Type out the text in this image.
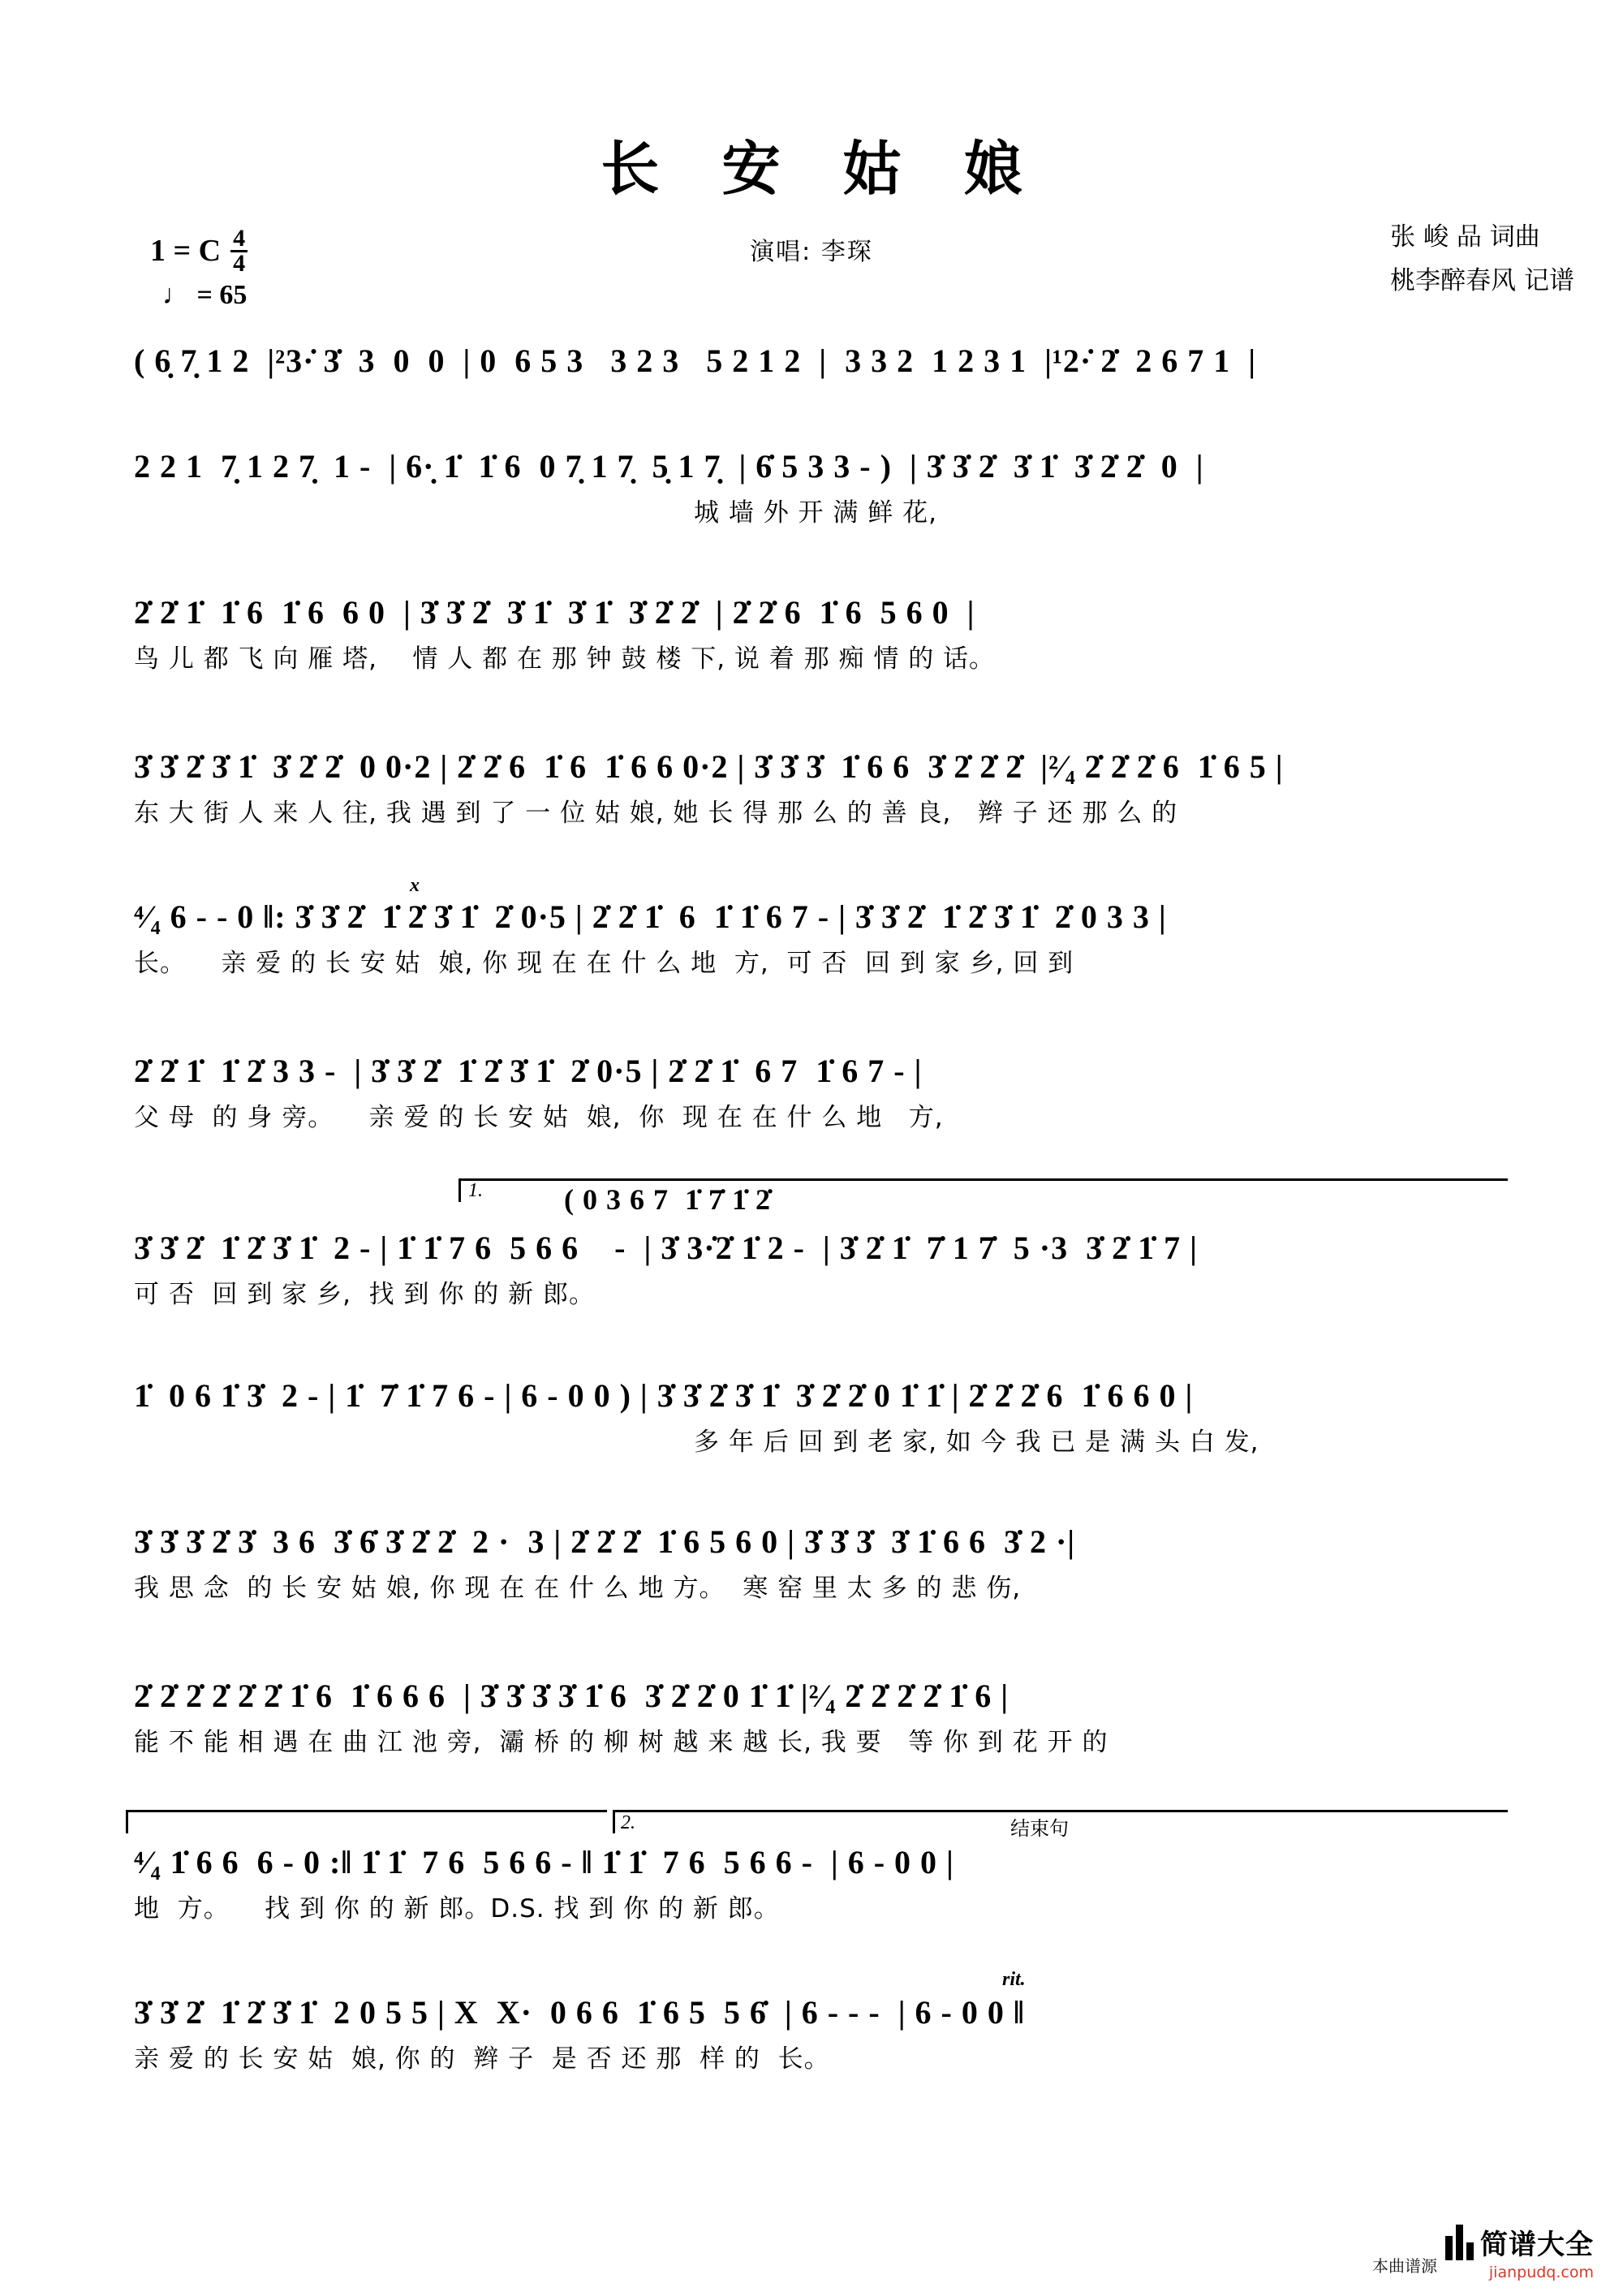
长 安 姑 娘
演唱: 李琛
张 峻 品 词曲
桃李醉春风 记谱
1 = C $\frac{4}{4}$
♩ = 65
( 6̣ 7̣ 1 2  |²3·̇ 3̇  3  0  0  | 0  6 5 3   3 2 3   5 2 1 2  |  3 3 2  1 2 3 1  |¹2·̇ 2̇  2 6 7 1  |
2 2 1  7̣ 1 2 7̣  1 -  | 6·̣ 1̇  1̇ 6  0 7̣ 1 7̣  5̣ 1 7̣  | 6̇ 5 3 3 - )  | 3̇ 3̇ 2̇  3̇ 1̇  3̇ 2̇ 2̇  0  |
城 墙 外 开 满 鲜 花,
2̇ 2̇ 1̇  1̇ 6  1̇ 6  6 0  | 3̇ 3̇ 2̇  3̇ 1̇  3̇ 1̇  3̇ 2̇ 2̇  | 2̇ 2̇ 6  1̇ 6  5 6 0  |
鸟 儿 都 飞 向 雁 塔,    情 人 都 在 那 钟 鼓 楼 下, 说 着 那 痴 情 的 话。
3̇ 3̇ 2̇ 3̇ 1̇  3̇ 2̇ 2̇  0 0·2 | 2̇ 2̇ 6  1̇ 6  1̇ 6 6 0·2 | 3̇ 3̇ 3̇  1̇ 6 6  3̇ 2̇ 2̇ 2̇  |²⁄₄ 2̇ 2̇ 2̇ 6  1̇ 6 5 |
东 大 街 人 来 人 往, 我 遇 到 了 一 位 姑 娘, 她 长 得 那 么 的 善 良,   辫 子 还 那 么 的
x
⁴⁄₄ 6 - - 0 ‖: 3̇ 3̇ 2̇  1̇ 2̇ 3̇ 1̇  2̇ 0·5 | 2̇ 2̇ 1̇  6  1̇ 1̇ 6 7 - | 3̇ 3̇ 2̇  1̇ 2̇ 3̇ 1̇  2̇ 0 3 3 |
长。    亲 爱 的 长 安 姑  娘, 你 现 在 在 什 么 地  方,  可 否  回 到 家 乡, 回 到
2̇ 2̇ 1̇  1̇ 2̇ 3 3 -  | 3̇ 3̇ 2̇  1̇ 2̇ 3̇ 1̇  2̇ 0·5 | 2̇ 2̇ 1̇  6 7  1̇ 6 7 - |
父 母  的 身 旁。    亲 爱 的 长 安 姑  娘,  你  现 在 在 什 么 地   方,
1.	( 0 3 6 7  1̇ 7̇ 1̇ 2̇
3̇ 3̇ 2̇  1̇ 2̇ 3̇ 1̇  2 - | 1̇ 1̇ 7 6  5 6 6    -  | 3̇ 3·̇2̇ 1̇ 2 -  | 3̇ 2̇ 1̇  7̇ 1 7̇  5 ·3  3̇ 2̇ 1̇ 7 |
可 否  回 到 家 乡,  找 到 你 的 新 郎。
1̇  0 6 1̇ 3̇  2 - | 1̇  7̇ 1̇ 7 6 - | 6 - 0 0 ) | 3̇ 3̇ 2̇ 3̇ 1̇  3̇ 2̇ 2̇ 0 1̇ 1̇ | 2̇ 2̇ 2̇ 6  1̇ 6 6 0 |
多 年 后 回 到 老 家, 如 今 我 已 是 满 头 白 发,
3̇ 3̇ 3̇ 2̇ 3̇  3 6  3̇ 6̇ 3̇ 2̇ 2̇  2 ·  3 | 2̇ 2̇ 2̇  1̇ 6 5 6 0 | 3̇ 3̇ 3̇  3̇ 1̇ 6 6  3̇ 2 ·|
我 思 念  的 长 安 姑 娘, 你 现 在 在 什 么 地 方。  寒 窑 里 太 多 的 悲 伤,
2̇ 2̇ 2̇ 2̇ 2̇ 2̇ 1̇ 6  1̇ 6 6 6  | 3̇ 3̇ 3̇ 3̇ 1̇ 6  3̇ 2̇ 2̇ 0 1̇ 1̇ |²⁄₄ 2̇ 2̇ 2̇ 2̇ 1̇ 6 |
能 不 能 相 遇 在 曲 江 池 旁,  灞 桥 的 柳 树 越 来 越 长, 我 要   等 你 到 花 开 的
2.	结束句
⁴⁄₄ 1̇ 6 6  6 - 0 :‖ 1̇ 1̇  7 6  5 6 6 - ‖ 1̇ 1̇  7 6  5 6 6 -  | 6 - 0 0 |
地  方。    找 到 你 的 新 郎。D.S. 找 到 你 的 新 郎。
rit.
3̇ 3̇ 2̇  1̇ 2̇ 3̇ 1̇  2 0 5 5 | X  X·  0 6 6  1̇ 6 5  5 6̇  | 6 - - -  | 6 - 0 0 ‖
亲 爱 的 长 安 姑  娘, 你 的  辫 子  是 否 还 那  样 的  长。
本曲谱源
简谱大全
jianpudq.com
